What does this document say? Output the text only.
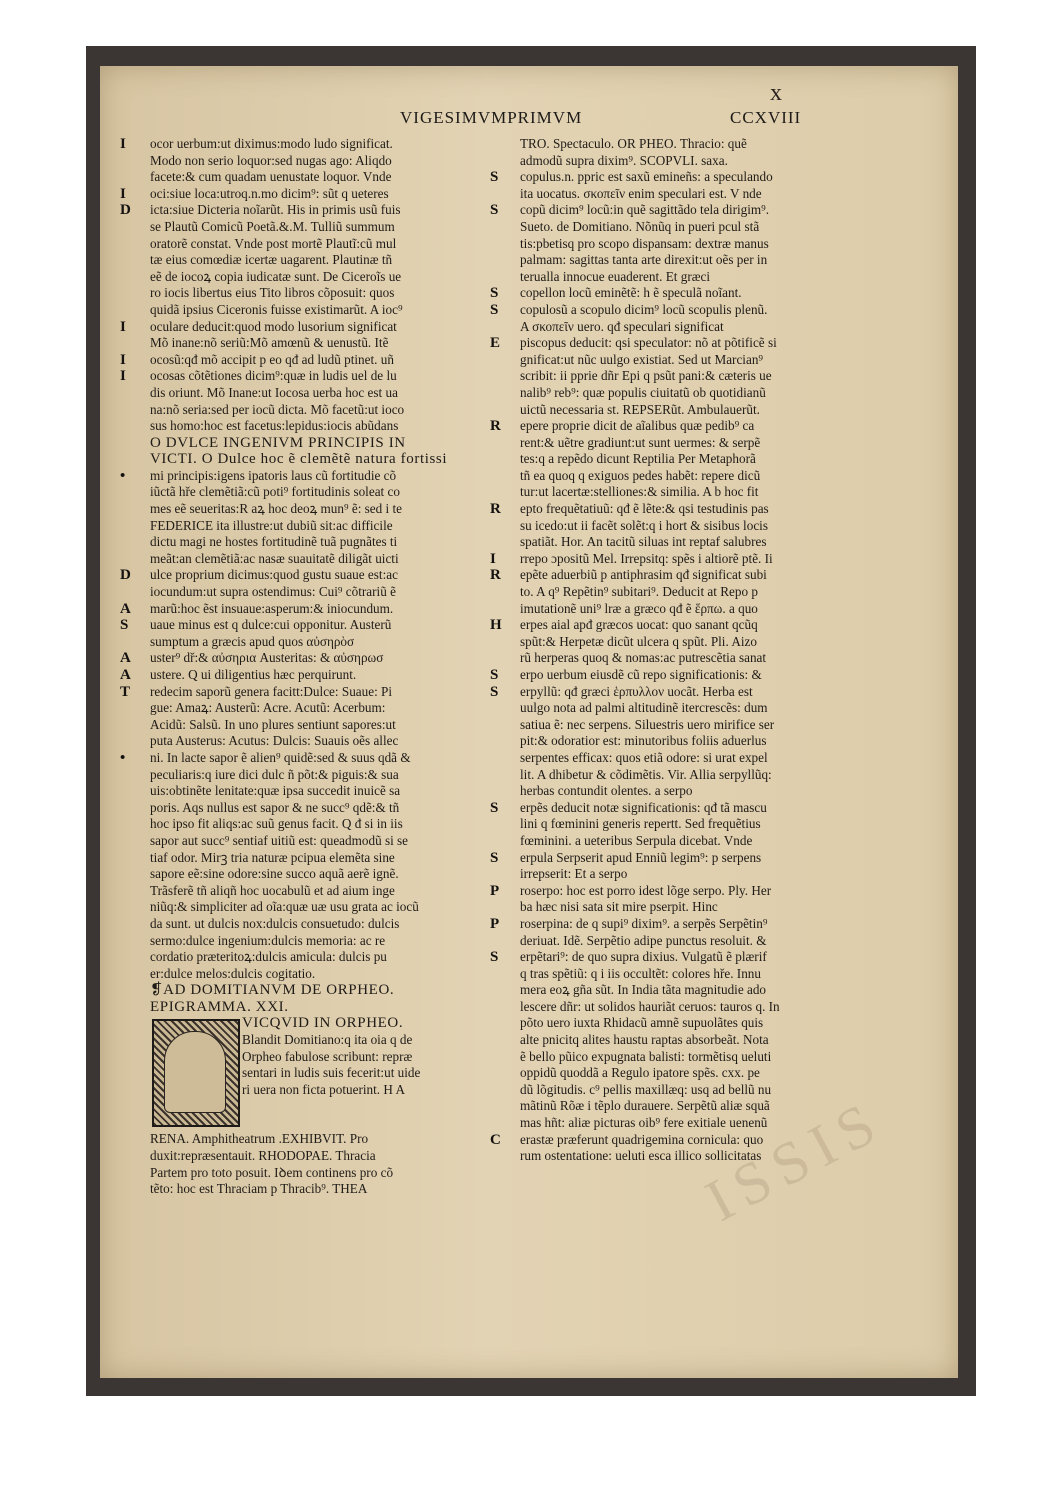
VIGESIMVMPRIMVM
x
CCXVIII
I	ocor uerbum:ut diximus:modo ludo significat.
Modo non serio loquor:sed nugas ago: Aliqdo
facete:& cum quadam uenustate loquor. Vnde
I	oci:siue loca:utroq.n.mo dicim⁹: sũt q ueteres
D	icta:siue Dicteria noĩarũt. His in primis usũ fuis
se Plautũ Comicũ Poetã.&.M. Tulliũ summum
oratorẽ constat. Vnde post mortẽ Plautĩ:cũ mul
tæ eius comœdiæ icertæ uagarent. Plautinæ tñ
eẽ de iocoꝝ copia iudicatæ sunt. De Ciceroĩs ue
ro iocis libertus eius Tito libros cõposuit: quos
quidã ipsius Ciceronis fuisse existimarũt. A ioc⁹
I	oculare deducit:quod modo lusorium significat
Mõ inane:nõ seriũ:Mõ amœnũ & uenustũ. Itẽ
I	ocosũ:qđ mõ accipit p eo qđ ad ludũ ptinet. uñ
I	ocosas cõtẽtiones dicim⁹:quæ in ludis uel de lu
dis oriunt. Mõ Inane:ut Iocosa uerba hoc est ua
na:nõ seria:sed per iocũ dicta. Mõ facetũ:ut ioco
sus homo:hoc est facetus:lepidus:iocis abũdans
O DVLCE INGENIVM PRINCIPIS IN
VICTI. O Dulce hoc ẽ clemẽtẽ natura fortissi
•	mi principis:igens ipatoris laus cũ fortitudie cõ
iũctã hře clemẽtiã:cũ poti⁹ fortitudinis soleat co
mes eẽ seueritas:R aꝝ hoc deoꝝ mun⁹ ẽ: sed i te
FEDERICE ita illustre:ut dubiũ sit:ac difficile
dictu magi ne hostes fortitudinẽ tuã pugnãtes ti
meãt:an clemẽtiã:ac nasæ suauitatẽ diligãt uicti
D	ulce proprium dicimus:quod gustu suaue est:ac
iocundum:ut supra ostendimus: Cui⁹ cõtrariũ ẽ
A	marũ:hoc ẽst insuaue:asperum:& iniocundum.
S	uaue minus est q dulce:cui opponitur. Austerũ
sumptum a græcis apud quos αὐσηρὸσ
A	uster⁹ dř:& αὐσηρια Austeritas: & αὐσηρωσ
A	ustere. Q ui diligentius hæc perquirunt.
T	redecim saporũ genera facitt:Dulce: Suaue: Pi
gue: Amaꝝ: Austerũ: Acre. Acutũ: Acerbum:
Acidũ: Salsũ. In uno plures sentiunt sapores:ut
puta Austerus: Acutus: Dulcis: Suauis oẽs allec
•	ni. In lacte sapor ẽ alien⁹ quidẽ:sed & suus qdã &
peculiaris:q iure dici dulc ñ põt:& piguis:& sua
uis:obtinẽte lenitate:quæ ipsa succedit inuicẽ sa
poris. Aqs nullus est sapor & ne succ⁹ qdẽ:& tñ
hoc ipso fit aliqs:ac suũ genus facit. Q đ si in iis
sapor aut succ⁹ sentiaf uitiũ est: queadmodũ si se
tiaf odor. Mirꝫ tria naturæ pcipua elemẽta sine
sapore eẽ:sine odore:sine succo aquã aerẽ ignẽ.
Trãsferẽ tñ aliqñ hoc uocabulũ et ad aium inge
niũq:& simpliciter ad oĩa:quæ uæ usu grata ac iocũ
da sunt. ut dulcis nox:dulcis consuetudo: dulcis
sermo:dulce ingenium:dulcis memoria: ac re
cordatio præteritoꝝ:dulcis amicula: dulcis pu
er:dulce melos:dulcis cogitatio.
❡AD DOMITIANVM DE ORPHEO.
EPIGRAMMA. XXI.
VICQVID IN ORPHEO.
Blandit Domitiano:q ita oia q de
Orpheo fabulose scribunt: repræ
sentari in ludis suis fecerit:ut uide
ri uera non ficta potuerint. H A
RENA. Amphitheatrum .EXHIBVIT. Pro
duxit:repræsentauit. RHODOPAE. Thracia
Partem pro toto posuit. Iꝺem continens pro cõ
tẽto: hoc est Thraciam p Thracib⁹. THEA
TRO. Spectaculo. OR PHEO. Thracio: quẽ
admodũ supra dixim⁹. SCOPVLI. saxa.
S	copulus.n. ppric est saxũ emineñs: a speculando
ita uocatus. σκοπεῖν enim speculari est. V nde
S	copũ dicim⁹ locũ:in quẽ sagittãdo tela dirigim⁹.
Sueto. de Domitiano. Nõnũq in pueri pcul stã
tis:pbetisq pro scopo dispansam: dextræ manus
palmam: sagittas tanta arte direxit:ut oẽs per in
terualla innocue euaderent. Et græci
S	copellon locũ eminẽtẽ: h ẽ speculã noĩant.
S	copulosũ a scopulo dicim⁹ locũ scopulis plenũ.
A σκοπεῖν uero. qđ speculari significat
E	piscopus deducit: qsi speculator: nõ at põtificẽ si
gnificat:ut nũc uulgo existiat. Sed ut Marcian⁹
scribit: ii pprie dñr Epi q psũt pani:& cæteris ue
nalib⁹ reb⁹: quæ populis ciuitatũ ob quotidianũ
uictũ necessaria st. REPSERũt. Ambulauerũt.
R	epere proprie dicit de aĩalibus quæ pedib⁹ ca
rent:& uẽtre gradiunt:ut sunt uermes: & serpẽ
tes:q a repẽdo dicunt Reptilia Per Metaphorã
tñ ea quoq q exiguos pedes habẽt: repere dicũ
tur:ut lacertæ:stelliones:& similia. A b hoc fit
R	epto frequẽtatiuũ: qđ ẽ lẽte:& qsi testudinis pas
su icedo:ut ii facẽt solẽt:q i hort & sisibus locis
spatiãt. Hor. An tacitũ siluas int reptaf salubres
I	rrepo ɔpositũ Mel. Irrepsitq: spẽs i altiorẽ ptẽ. Ii
R	epẽte aduerbiũ p antiphrasim qđ significat subi
to. A q⁹ Repẽtin⁹ subitari⁹. Deducit at Repo p
imutationẽ uni⁹ lræ a græco qđ ẽ ἕρπω. a quo
H	erpes aial apđ græcos uocat: quo sanant qcũq
spũt:& Herpetæ dicũt ulcera q spũt. Pli. Aizo
rũ herperas quoq & nomas:ac putrescẽtia sanat
S	erpo uerbum eiusdẽ cũ repo significationis: &
S	erpyllũ: qđ græci ἑρπυλλον uocãt. Herba est
uulgo nota ad palmi altitudinẽ itercrescẽs: dum
satiua ẽ: nec serpens. Siluestris uero mirifice ser
pit:& odoratior est: minutoribus foliis aduerlus
serpentes efficax: quos etiã odore: si urat expel
lit. A dhibetur & cõdimẽtis. Vir. Allia serpyllũq:
herbas contundit olentes. a serpo
S	erpẽs deducit notæ significationis: qđ tã mascu
lini q fœminini generis repertt. Sed frequẽtius
fœminini. a ueteribus Serpula dicebat. Vnde
S	erpula Serpserit apud Enniũ legim⁹: p serpens
irrepserit: Et a serpo
P	roserpo: hoc est porro idest lõge serpo. Ply. Her
ba hæc nisi sata sit mire pserpit. Hinc
P	roserpina: de q supi⁹ dixim⁹. a serpẽs Serpẽtin⁹
deriuat. Idẽ. Serpẽtio adipe punctus resoluit. &
S	erpẽtari⁹: de quo supra dixius. Vulgatũ ẽ plærif
q tras spẽtiũ: q i iis occultẽt: colores hře. Innu
mera eoꝝ gña sũt. In India tãta magnitudie ado
lescere dñr: ut solidos hauriãt ceruos: tauros q. In
põto uero iuxta Rhidacũ amnẽ supuolãtes quis
alte pnicitq alites haustu raptas absorbeãt. Nota
ẽ bello pũico expugnata balisti: tormẽtisq ueluti
oppidũ quoddã a Regulo ipatore spẽs. cxx. pe
dũ lõgitudis. c⁹ pellis maxillæq: usq ad bellũ nu
mãtinũ Rõæ i tẽplo durauere. Serpẽtũ aliæ squã
mas hñt: aliæ picturas oib⁹ fere exitiale uenenũ
C	erastæ præferunt quadrigemina cornicula: quo
rum ostentatione: ueluti esca illico sollicitatas
ISSIS
